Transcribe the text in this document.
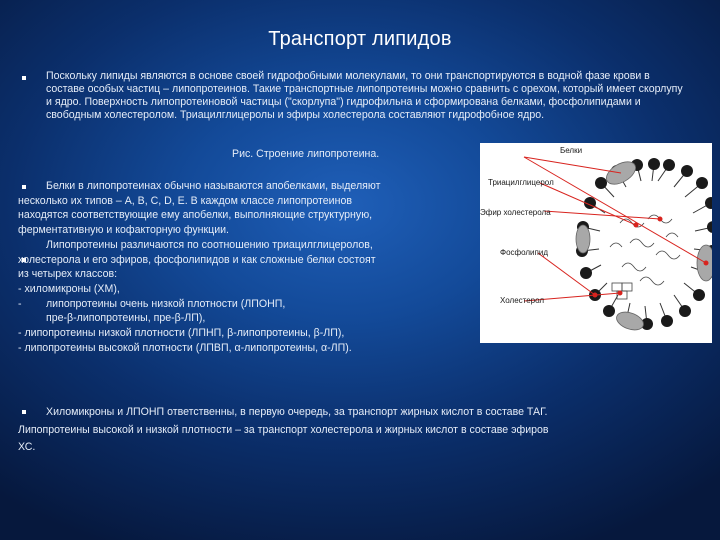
Транспорт липидов
Поскольку липиды являются в основе своей гидрофобными молекулами, то они транспортируются в водной фазе крови в составе особых частиц – липопротеинов. Такие транспортные липопротеины можно сравнить с орехом, который имеет скорлупу и ядро. Поверхность липопротеиновой частицы ("скорлупа") гидрофильна и сформирована белками, фосфолипидами и свободным холестеролом. Триацилглицеролы и эфиры холестерола составляют гидрофобное ядро.
Рис. Строение липопротеина.
Белки в липопротеинах обычно называются апобелками, выделяют
несколько их типов – A, B, C, D, E. В каждом классе липопротеинов
находятся соответствующие ему апобелки, выполняющие структурную,
ферментативную и кофакторную функции.
Липопротеины различаются по соотношению триацилглицеролов,
холестерола и его эфиров, фосфолипидов и как сложные белки состоят
из четырех классов:
- хиломикроны (ХМ),
- липопротеины очень низкой плотности (ЛПОНП,
пре-β-липопротеины, пре-β-ЛП),
- липопротеины низкой плотности (ЛПНП, β-липопротеины, β-ЛП),
- липопротеины высокой плотности (ЛПВП, α-липопротеины, α-ЛП).
Хиломикроны и ЛПОНП ответственны, в первую очередь, за транспорт жирных кислот в составе ТАГ.
Липопротеины высокой и низкой плотности – за транспорт холестерола и жирных кислот в составе эфиров
ХС.
Белки
Триацилглицерол
Эфир холестерола
Фосфолипид
Холестерол
